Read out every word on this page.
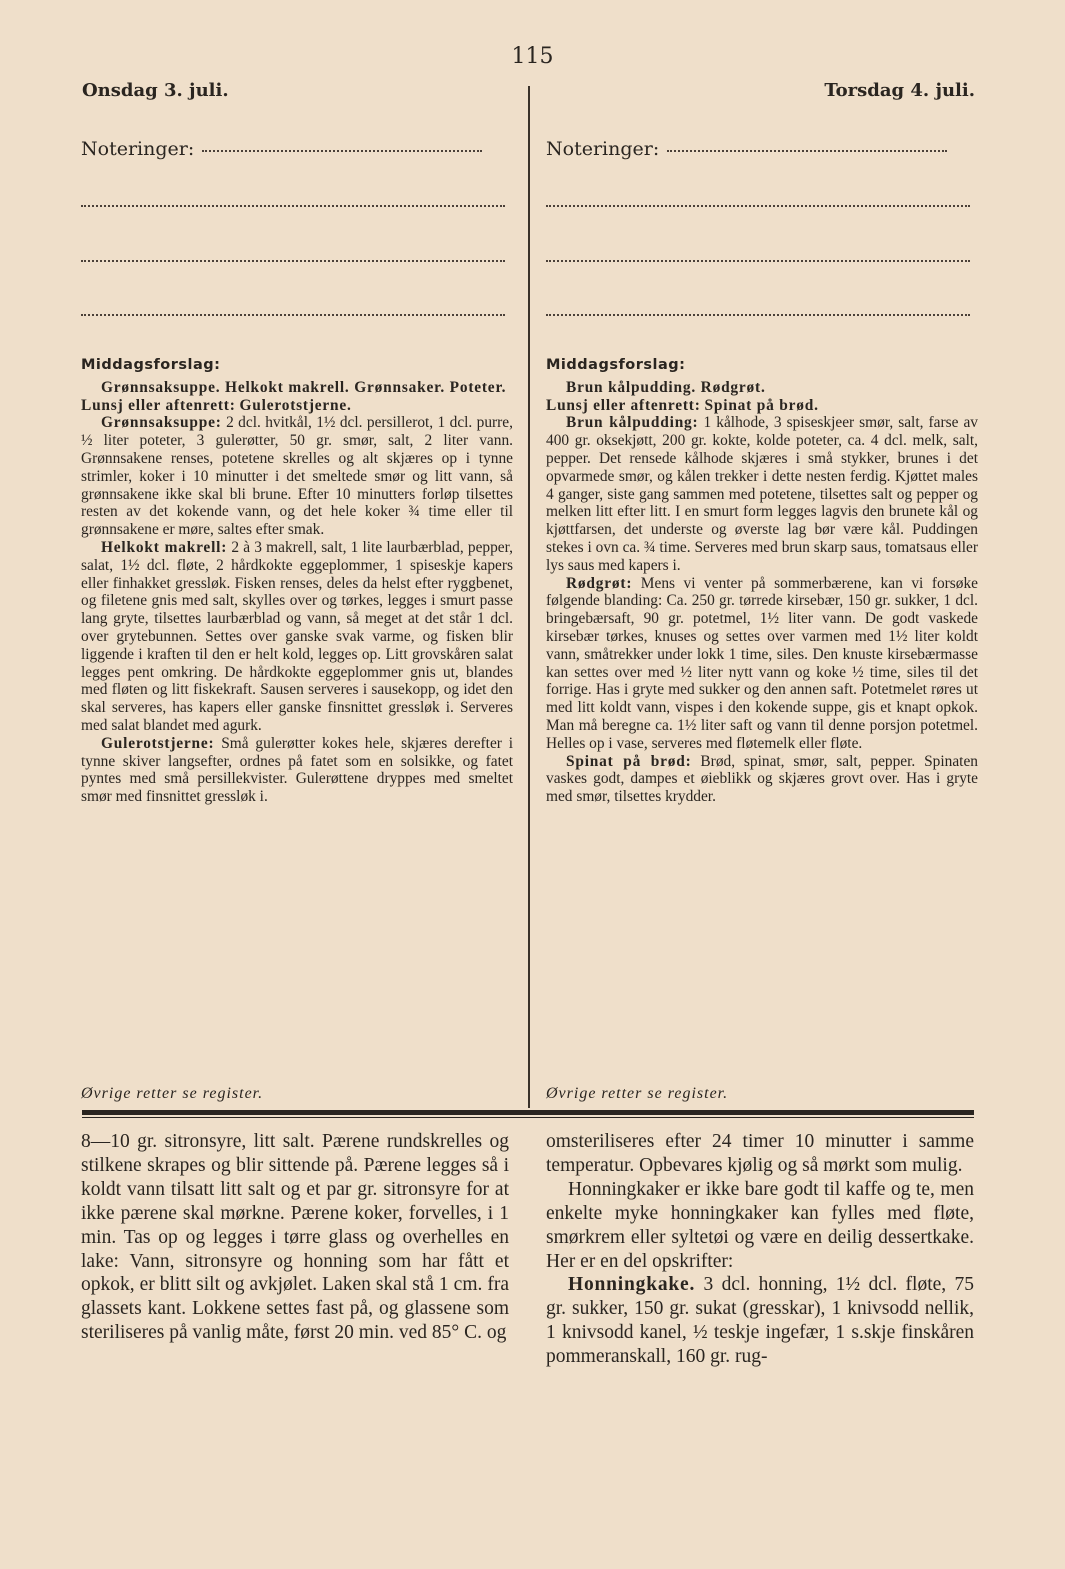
115
Onsdag 3. juli.	Torsdag 4. juli.
Noteringer:
Middagsforslag:

Grønnsaksuppe. Helkokt makrell. Grønnsaker. Poteter.

Lunsj eller aftenrett: Gulerotstjerne.

Grønnsaksuppe: 2 dcl. hvitkål, 1½ dcl. persillerot, 1 dcl. purre, ½ liter poteter, 3 gulerøtter, 50 gr. smør, salt, 2 liter vann. Grønnsakene renses, potetene skrelles og alt skjæres op i tynne strimler, koker i 10 minutter i det smeltede smør og litt vann, så grønnsakene ikke skal bli brune. Efter 10 minutters forløp tilsettes resten av det kokende vann, og det hele koker ¾ time eller til grønnsakene er møre, saltes efter smak.

Helkokt makrell: 2 à 3 makrell, salt, 1 lite laurbærblad, pepper, salat, 1½ dcl. fløte, 2 hårdkokte eggeplommer, 1 spiseskje kapers eller finhakket gressløk. Fisken renses, deles da helst efter ryggbenet, og filetene gnis med salt, skylles over og tørkes, legges i smurt passe lang gryte, tilsettes laurbærblad og vann, så meget at det står 1 dcl. over grytebunnen. Settes over ganske svak varme, og fisken blir liggende i kraften til den er helt kold, legges op. Litt grovskåren salat legges pent omkring. De hårdkokte eggeplommer gnis ut, blandes med fløten og litt fiskekraft. Sausen serveres i sausekopp, og idet den skal serveres, has kapers eller ganske finsnittet gressløk i. Serveres med salat blandet med agurk.

Gulerotstjerne: Små gulerøtter kokes hele, skjæres derefter i tynne skiver langsefter, ordnes på fatet som en solsikke, og fatet pyntes med små persillekvister. Gulerøttene dryppes med smeltet smør med finsnittet gressløk i.

Øvrige retter se register.
Noteringer:
Middagsforslag:

Brun kålpudding. Rødgrøt.

Lunsj eller aftenrett: Spinat på brød.

Brun kålpudding: 1 kålhode, 3 spiseskjeer smør, salt, farse av 400 gr. oksekjøtt, 200 gr. kokte, kolde poteter, ca. 4 dcl. melk, salt, pepper. Det rensede kålhode skjæres i små stykker, brunes i det opvarmede smør, og kålen trekker i dette nesten ferdig. Kjøttet males 4 ganger, siste gang sammen med potetene, tilsettes salt og pepper og melken litt efter litt. I en smurt form legges lagvis den brunete kål og kjøttfarsen, det underste og øverste lag bør være kål. Puddingen stekes i ovn ca. ¾ time. Serveres med brun skarp saus, tomatsaus eller lys saus med kapers i.

Rødgrøt: Mens vi venter på sommerbærene, kan vi forsøke følgende blanding: Ca. 250 gr. tørrede kirsebær, 150 gr. sukker, 1 dcl. bringebærsaft, 90 gr. potetmel, 1½ liter vann. De godt vaskede kirsebær tørkes, knuses og settes over varmen med 1½ liter koldt vann, småtrekker under lokk 1 time, siles. Den knuste kirsebærmasse kan settes over med ½ liter nytt vann og koke ½ time, siles til det forrige. Has i gryte med sukker og den annen saft. Potetmelet røres ut med litt koldt vann, vispes i den kokende suppe, gis et knapt opkok. Man må beregne ca. 1½ liter saft og vann til denne porsjon potetmel. Helles op i vase, serveres med fløtemelk eller fløte.

Spinat på brød: Brød, spinat, smør, salt, pepper. Spinaten vaskes godt, dampes et øieblikk og skjæres grovt over. Has i gryte med smør, tilsettes krydder.

Øvrige retter se register.

8—10 gr. sitronsyre, litt salt. Pærene rundskrelles og stilkene skrapes og blir sittende på. Pærene legges så i koldt vann tilsatt litt salt og et par gr. sitronsyre for at ikke pærene skal mørkne. Pærene koker, forvelles, i 1 min. Tas op og legges i tørre glass og overhelles en lake: Vann, sitronsyre og honning som har fått et opkok, er blitt silt og avkjølet. Laken skal stå 1 cm. fra glassets kant. Lokkene settes fast på, og glassene som steriliseres på vanlig måte, først 20 min. ved 85° C. og

omsteriliseres efter 24 timer 10 minutter i samme temperatur. Opbevares kjølig og så mørkt som mulig.

Honningkaker er ikke bare godt til kaffe og te, men enkelte myke honningkaker kan fylles med fløte, smørkrem eller syltetøi og være en deilig dessertkake. Her er en del opskrifter:

Honningkake. 3 dcl. honning, 1½ dcl. fløte, 75 gr. sukker, 150 gr. sukat (gresskar), 1 knivsodd nellik, 1 knivsodd kanel, ½ teskje ingefær, 1 s.skje finskåren pommeranskall, 160 gr. rug-
